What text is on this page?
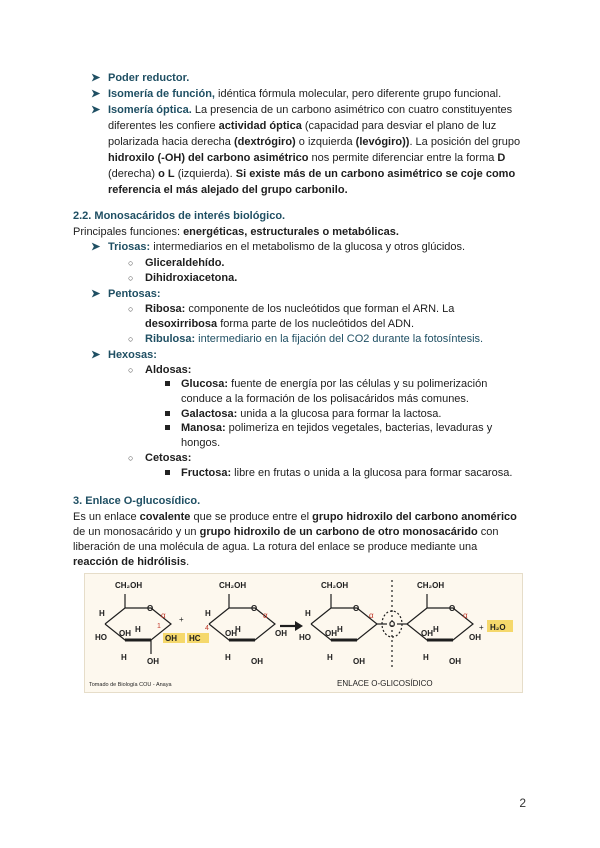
➤ Poder reductor.
➤ Isomería de función, idéntica fórmula molecular, pero diferente grupo funcional.
➤ Isomería óptica. La presencia de un carbono asimétrico con cuatro constituyentes
diferentes les confiere actividad óptica (capacidad para desviar el plano de luz
polarizada hacia derecha (dextrógiro) o izquierda (levógiro)). La posición del grupo
hidroxilo (-OH) del carbono asimétrico nos permite diferenciar entre la forma D
(derecha) o L (izquierda). Si existe más de un carbono asimétrico se coje como
referencia el más alejado del grupo carbonilo.
2.2. Monosacáridos de interés biológico.
Principales funciones: energéticas, estructurales o metabólicas.
➤ Triosas: intermediarios en el metabolismo de la glucosa y otros glúcidos.
○ Gliceraldehído.
○ Dihidroxiacetona.
➤ Pentosas:
○ Ribosa: componente de los nucleótidos que forman el ARN. La
desoxirribosa forma parte de los nucleótidos del ADN.
○ Ribulosa: intermediario en la fijación del CO2 durante la fotosíntesis.
➤ Hexosas:
○ Aldosas:
Glucosa: fuente de energía por las células y su polimerización
conduce a la formación de los polisacáridos más comunes.
Galactosa: unida a la glucosa para formar la lactosa.
Manosa: polimeriza en tejidos vegetales, bacterias, levaduras y
hongos.
○ Cetosas:
Fructosa: libre en frutas o unida a la glucosa para formar sacarosa.
3. Enlace O-glucosídico.
Es un enlace covalente que se produce entre el grupo hidroxilo del carbono anomérico
de un monosacárido y un grupo hidroxilo de un carbono de otro monosacárido con
liberación de una molécula de agua. La rotura del enlace se produce mediante una
reacción de hidrólisis.
CH₂OH
O
H
HO OH H
H	OH
α
1
OH
+
HC
CH₂OH
O
H
4
OH
H
H	OH
α
OH
CH₂OH
O
H
HO OH H
H	OH
α
O
CH₂OH
O
OH H
H	OH
α
OH
+ H₂O
Tomado de Biología COU - Anaya	ENLACE O-GLICOSÍDICO
2
